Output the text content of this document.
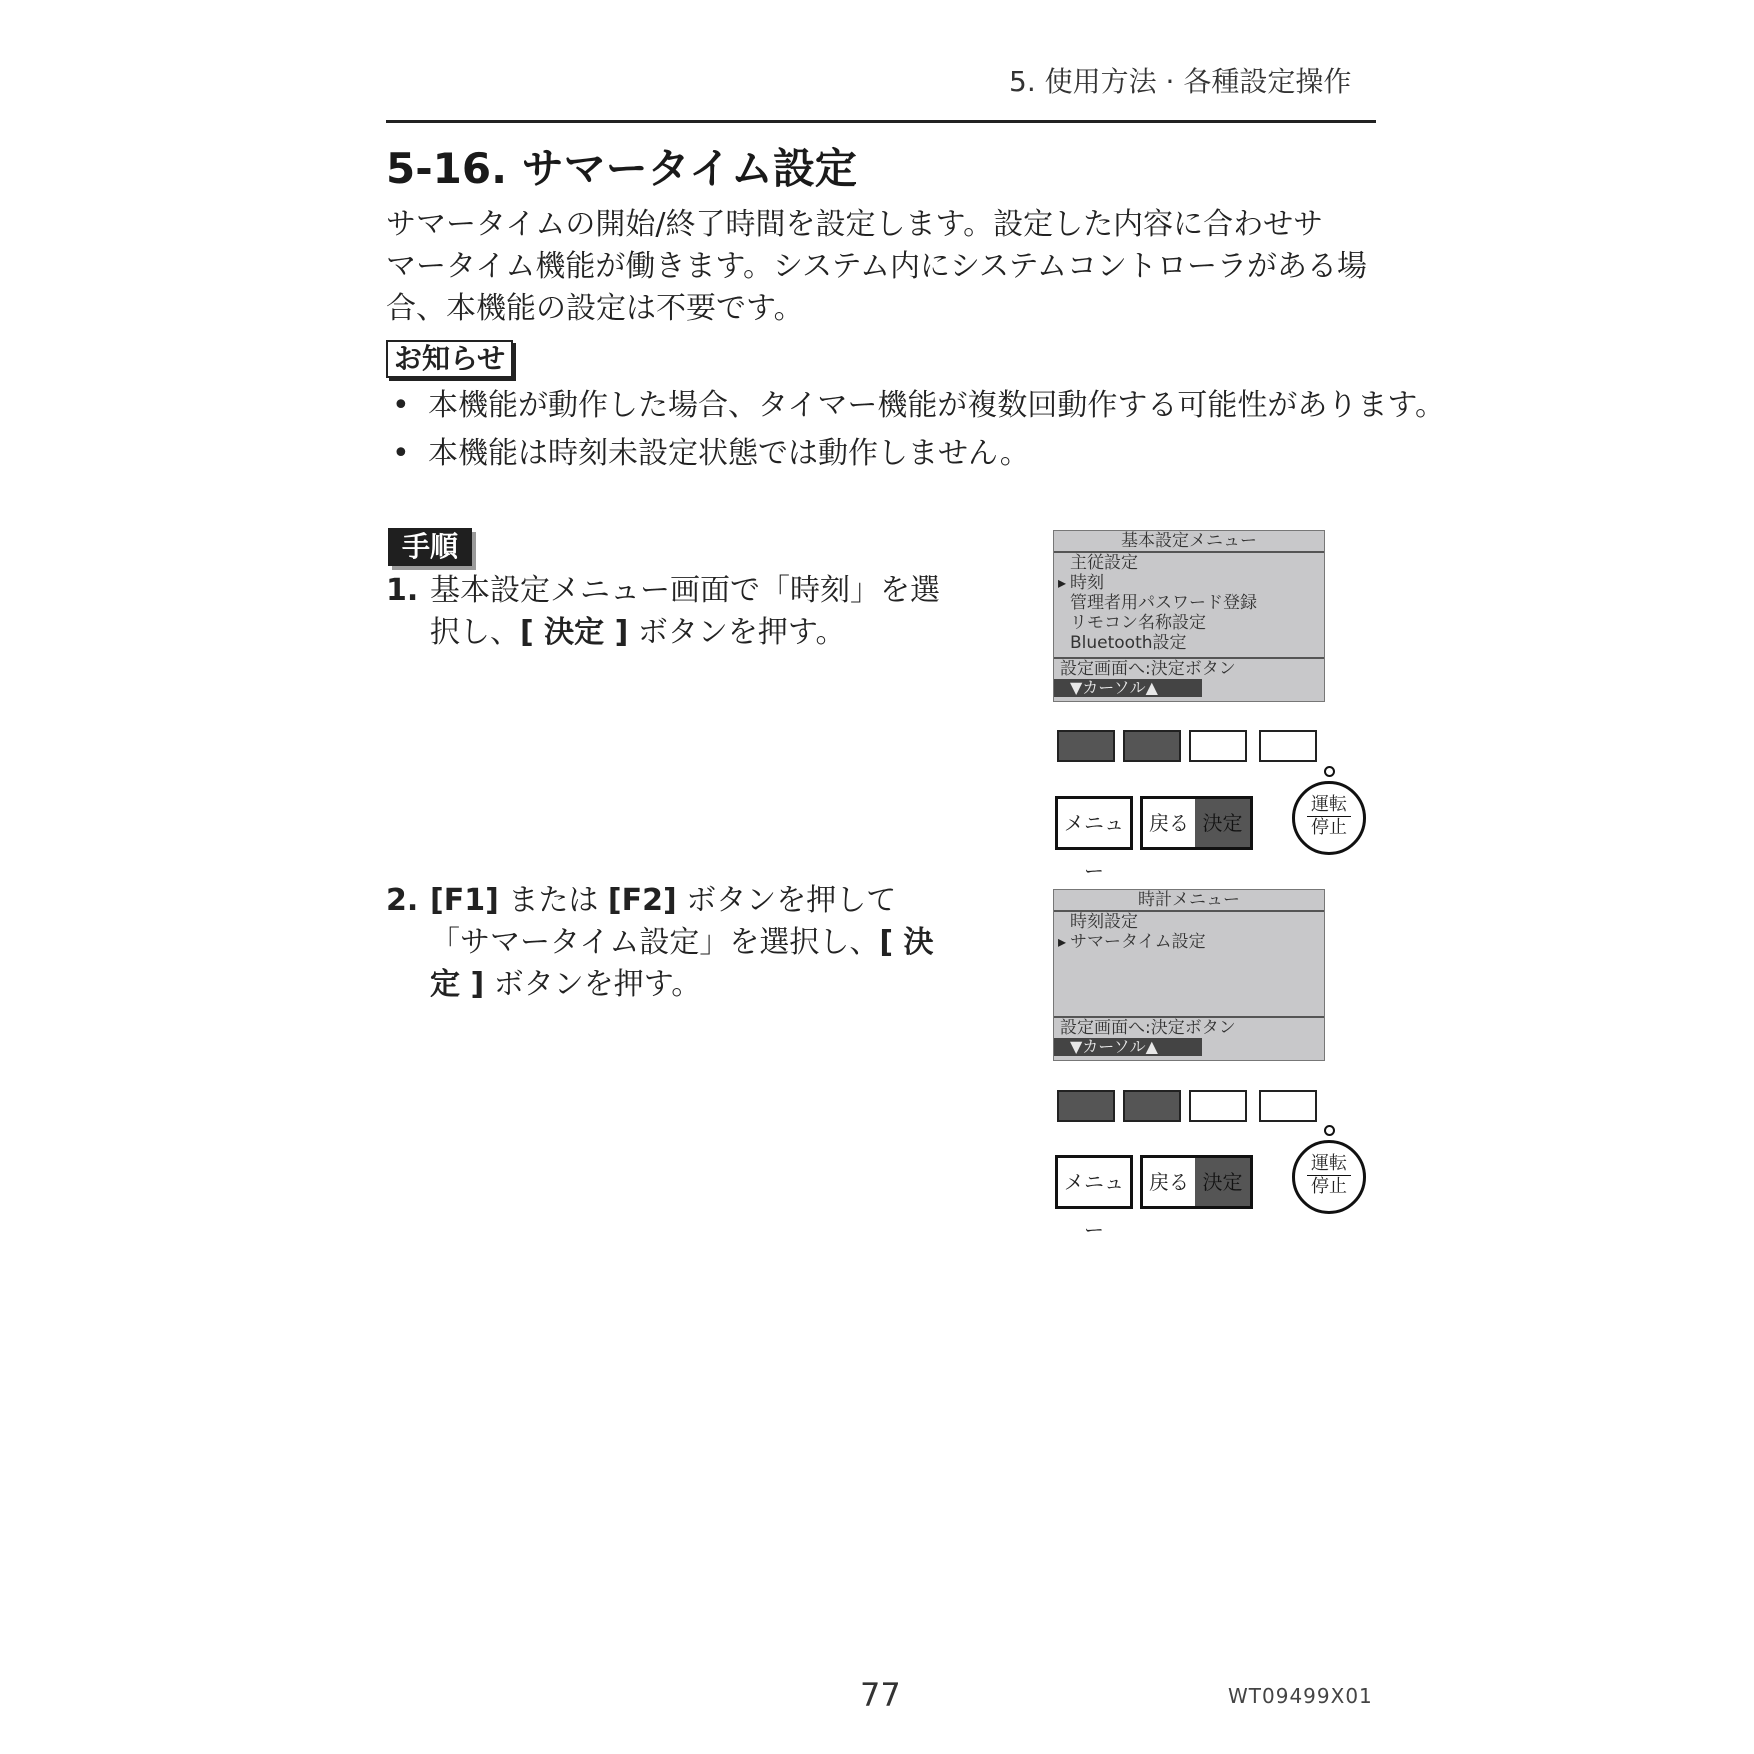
5. 使用方法 · 各種設定操作
5-16. サマータイム設定
サマータイムの開始/終了時間を設定します。設定した内容に合わせサ
マータイム機能が働きます。システム内にシステムコントローラがある場
合、本機能の設定は不要です。
お知らせ
• 本機能が動作した場合、タイマー機能が複数回動作する可能性があります。
• 本機能は時刻未設定状態では動作しません。
手順
1. 基本設定メニュー画面で「時刻」を選
択し、[ 決定 ] ボタンを押す。
2. [F1] または [F2] ボタンを押して
「サマータイム設定」を選択し、[ 決
定 ] ボタンを押す。
基本設定メニュー
主従設定
▸ 時刻
管理者用パスワード登録
リモコン名称設定
Bluetooth設定
設定画面へ:決定ボタン
▼カーソル▲
メニュー
戻る 決定
運転
停止
時計メニュー
時刻設定
▸ サマータイム設定
設定画面へ:決定ボタン
▼カーソル▲
メニュー
戻る 決定
運転
停止
77	WT09499X01
